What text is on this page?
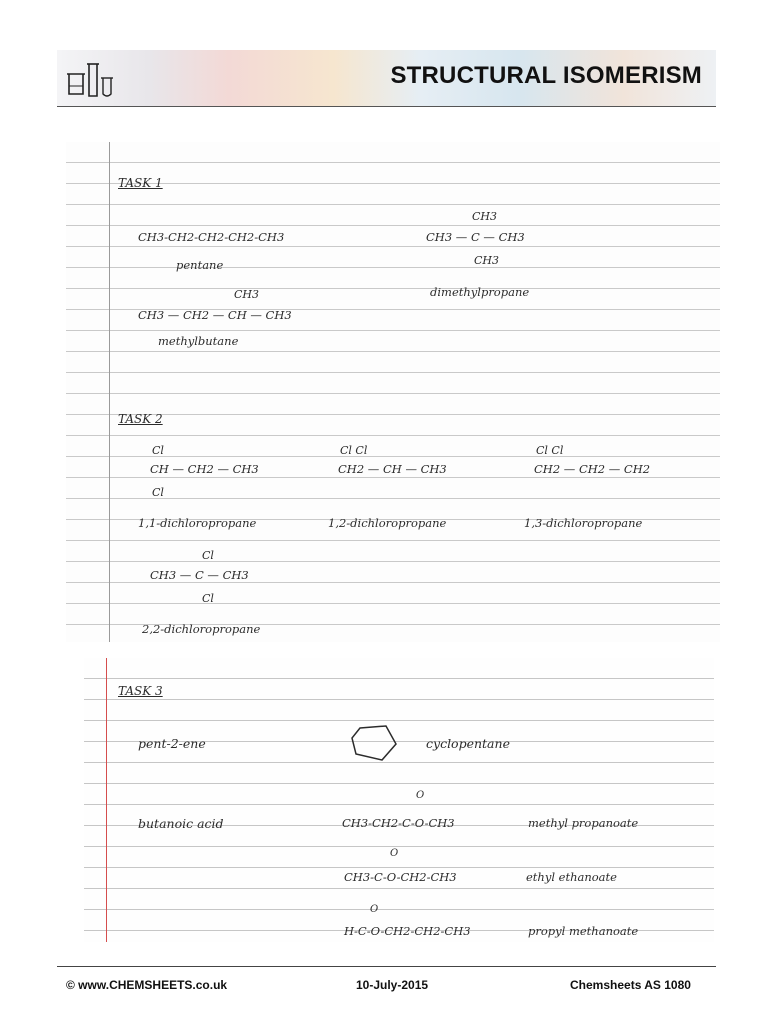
STRUCTURAL ISOMERISM
TASK 1
CH3-CH2-CH2-CH2-CH3
pentane
CH3
CH3 — C — CH3
CH3
dimethylpropane
CH3
CH3 — CH2 — CH — CH3
methylbutane
TASK 2
Cl
CH — CH2 — CH3
Cl
1,1-dichloropropane
Cl Cl
CH2 — CH — CH3
1,2-dichloropropane
Cl Cl
CH2 — CH2 — CH2
1,3-dichloropropane
Cl
CH3 — C — CH3
Cl
2,2-dichloropropane
TASK 3
pent-2-ene	cyclopentane
butanoic acid
O
CH3-CH2-C-O-CH3	methyl propanoate
O
CH3-C-O-CH2-CH3	ethyl ethanoate
O
H-C-O-CH2-CH2-CH3	propyl methanoate
© www.CHEMSHEETS.co.uk	10-July-2015	Chemsheets AS 1080
